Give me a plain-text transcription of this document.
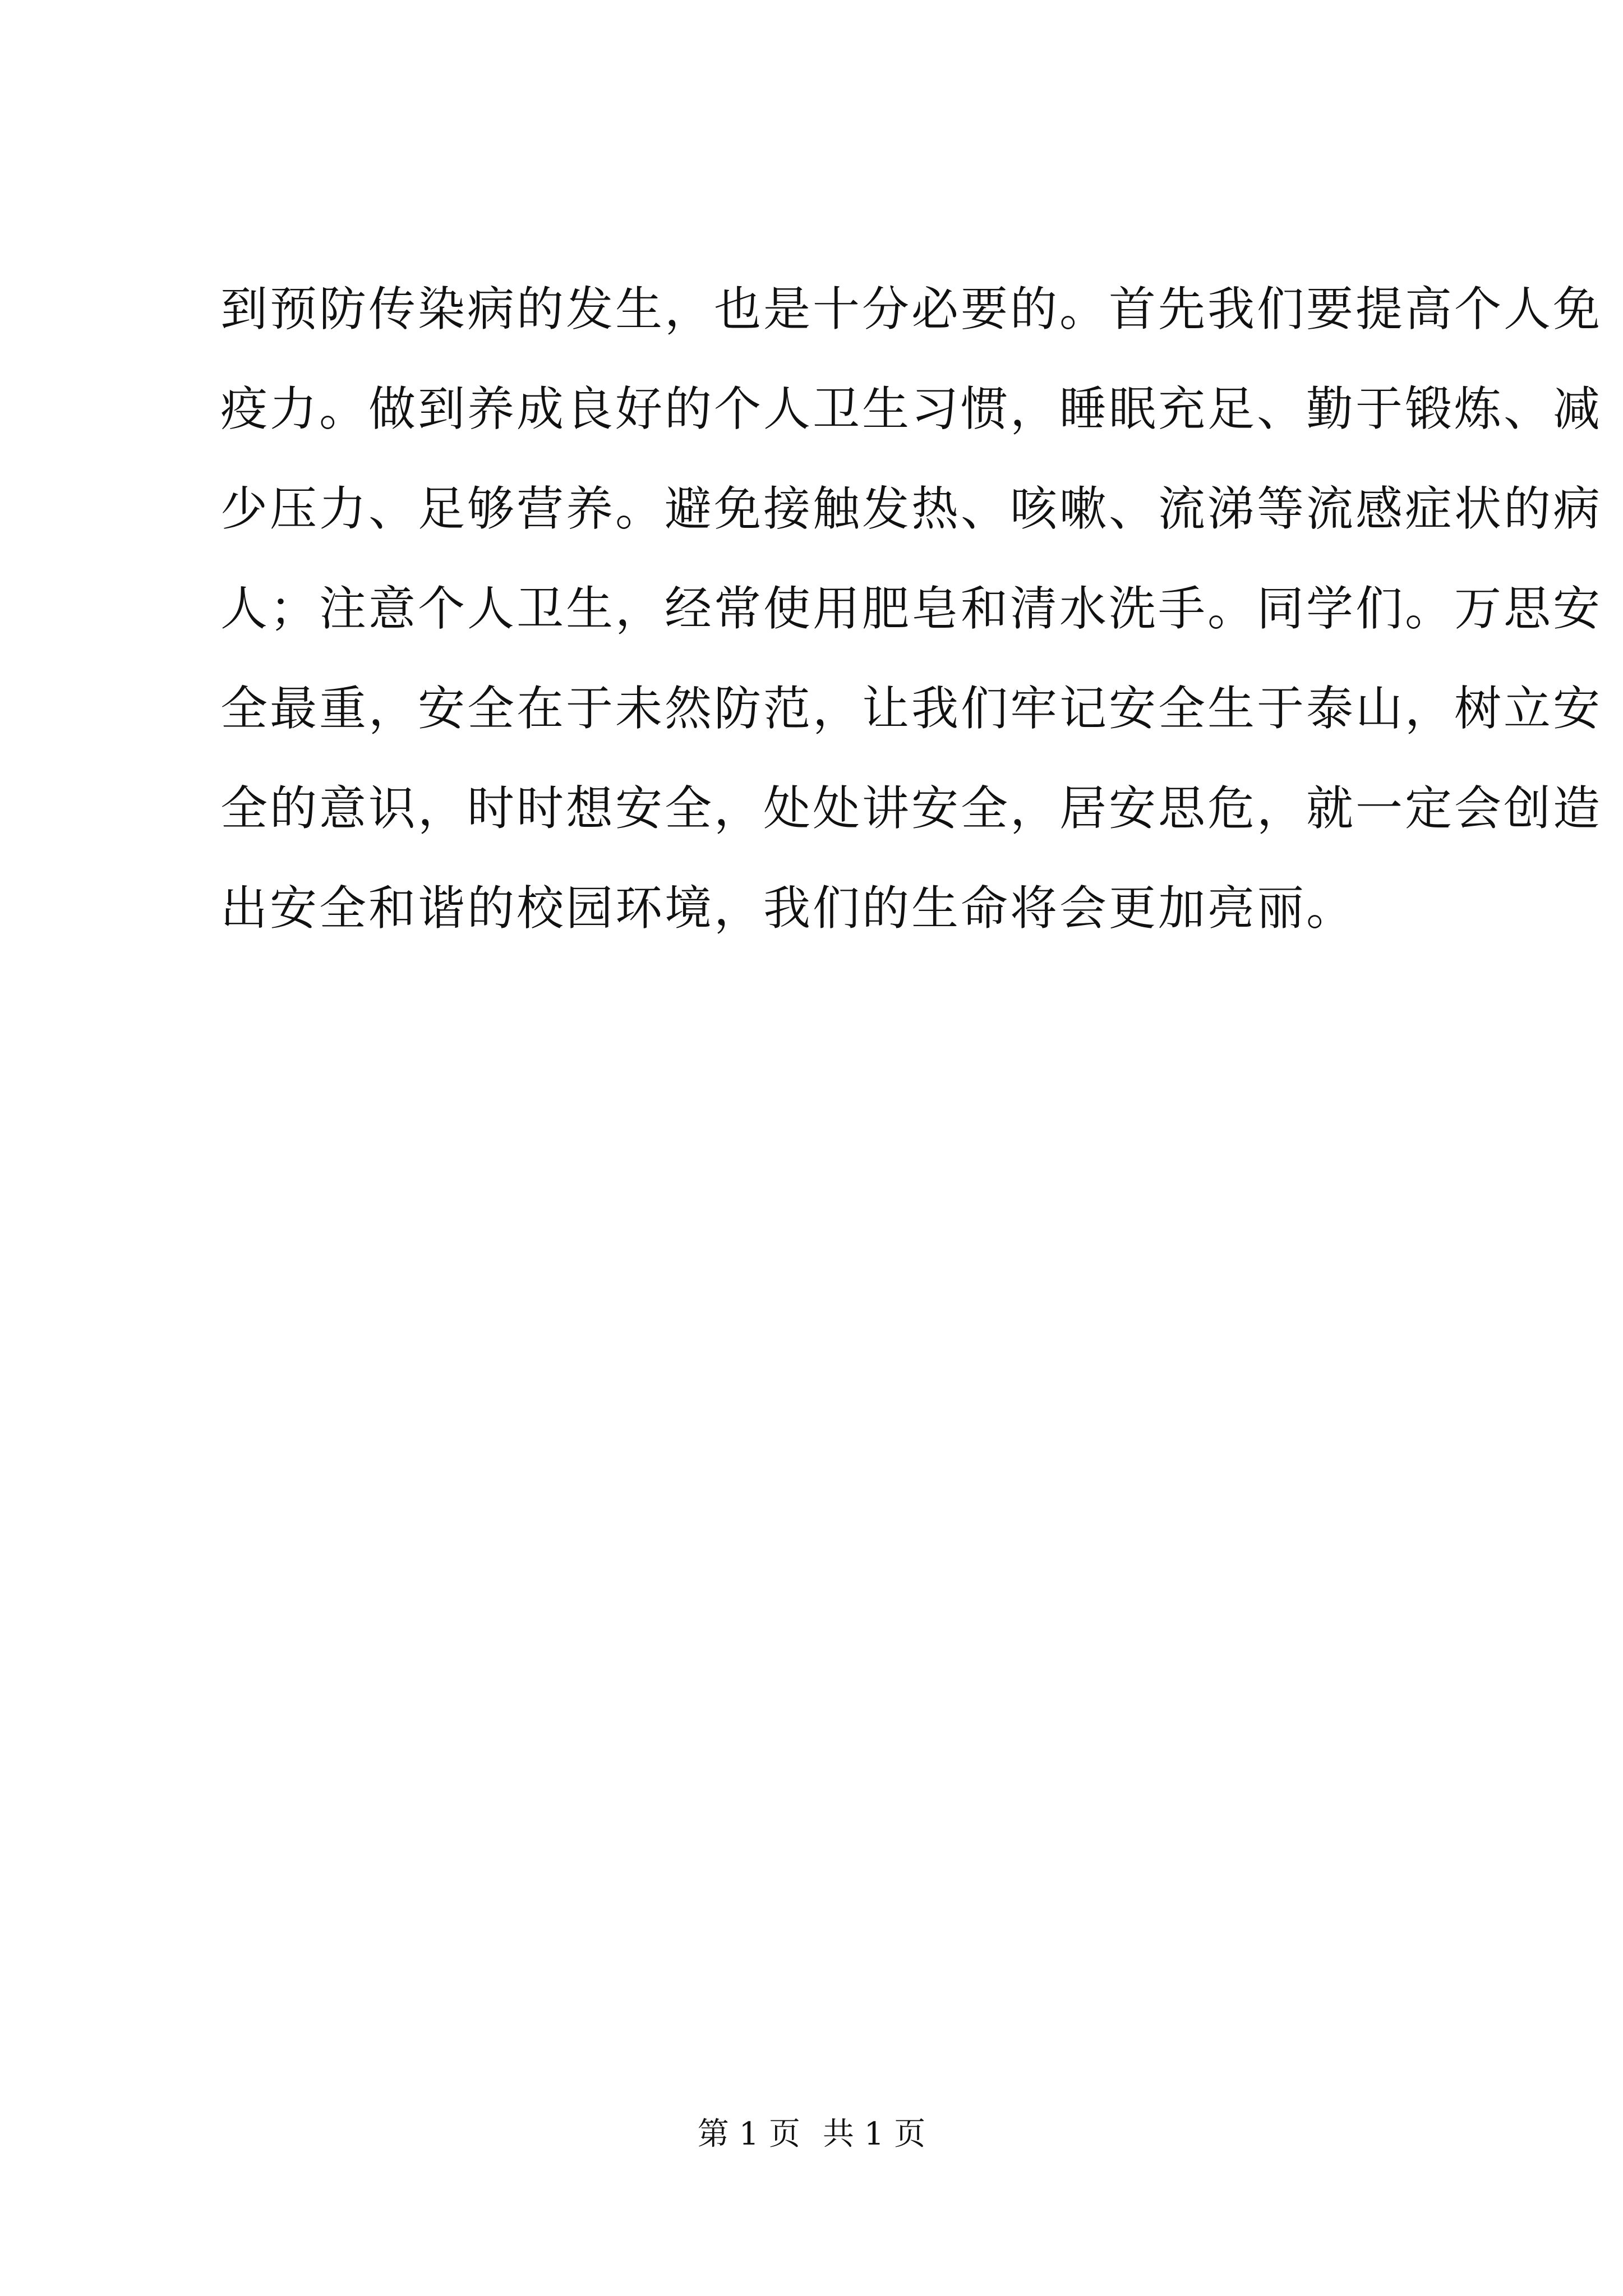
到预防传染病的发生，也是十分必要的。首先我们要提高个人免
疫力。做到养成良好的个人卫生习惯，睡眠充足、勤于锻炼、减
少压力、足够营养。避免接触发热、咳嗽、流涕等流感症状的病
人；注意个人卫生，经常使用肥皂和清水洗手。同学们。万思安
全最重，安全在于未然防范，让我们牢记安全生于泰山，树立安
全的意识，时时想安全，处处讲安全，居安思危，就一定会创造
出安全和谐的校园环境，我们的生命将会更加亮丽。
第 1 页 共 1 页
